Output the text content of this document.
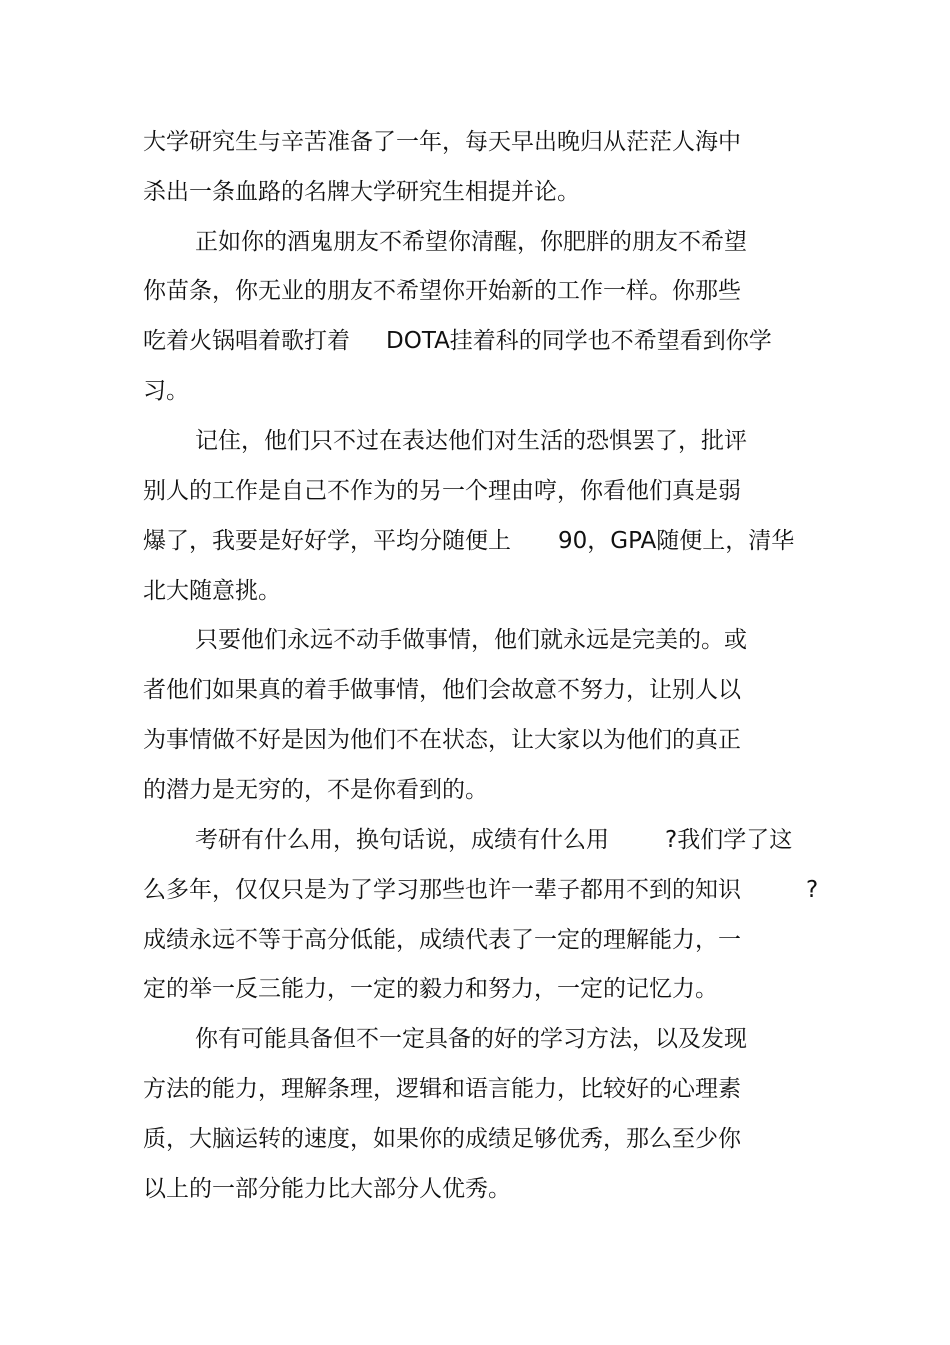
大学研究生与辛苦准备了一年，每天早出晚归从茫茫人海中
杀出一条血路的名牌大学研究生相提并论。
正如你的酒鬼朋友不希望你清醒，你肥胖的朋友不希望
你苗条，你无业的朋友不希望你开始新的工作一样。你那些
吃着火锅唱着歌打着 DOTA挂着科的同学也不希望看到你学
习。
记住，他们只不过在表达他们对生活的恐惧罢了，批评
别人的工作是自己不作为的另一个理由哼，你看他们真是弱
爆了，我要是好好学，平均分随便上 90，GPA随便上，清华
北大随意挑。
只要他们永远不动手做事情，他们就永远是完美的。或
者他们如果真的着手做事情，他们会故意不努力，让别人以
为事情做不好是因为他们不在状态，让大家以为他们的真正
的潜力是无穷的，不是你看到的。
考研有什么用，换句话说，成绩有什么用 ?我们学了这
么多年，仅仅只是为了学习那些也许一辈子都用不到的知识	?
成绩永远不等于高分低能，成绩代表了一定的理解能力，一
定的举一反三能力，一定的毅力和努力，一定的记忆力。
你有可能具备但不一定具备的好的学习方法，以及发现
方法的能力，理解条理，逻辑和语言能力，比较好的心理素
质，大脑运转的速度，如果你的成绩足够优秀，那么至少你
以上的一部分能力比大部分人优秀。
